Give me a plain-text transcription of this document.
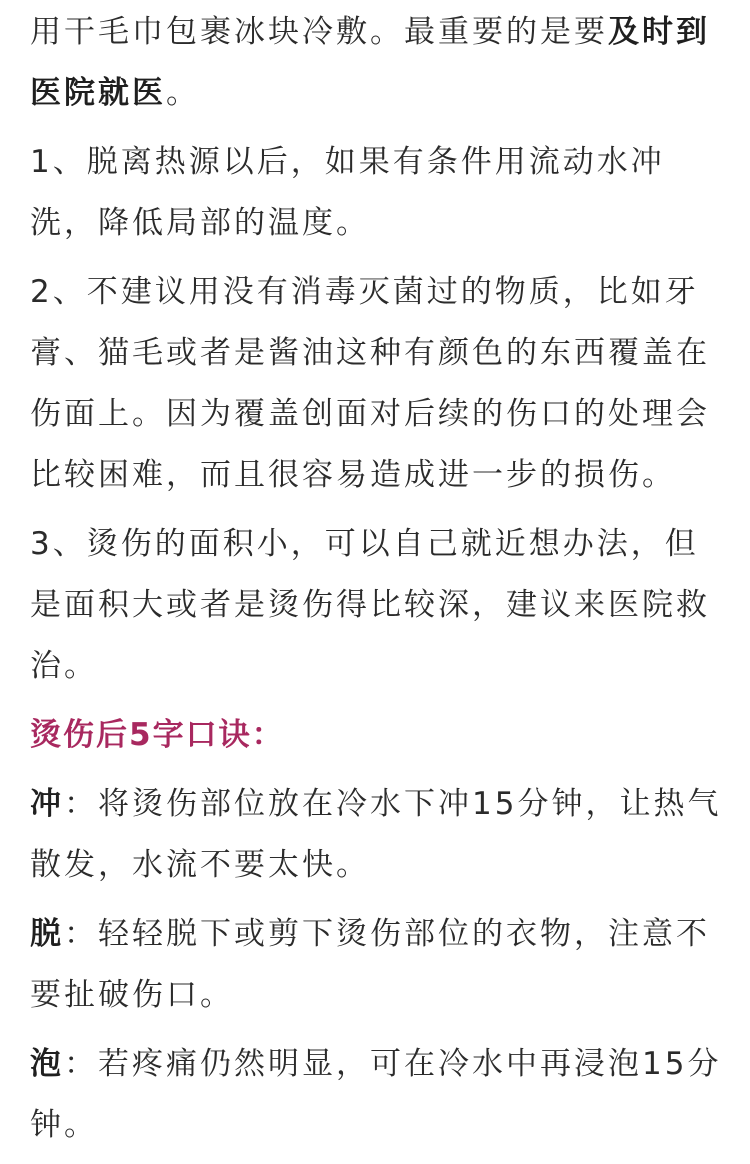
用干毛巾包裹冰块冷敷。最重要的是要及时到医院就医。

1、脱离热源以后，如果有条件用流动水冲洗，降低局部的温度。

2、不建议用没有消毒灭菌过的物质，比如牙膏、猫毛或者是酱油这种有颜色的东西覆盖在伤面上。因为覆盖创面对后续的伤口的处理会比较困难，而且很容易造成进一步的损伤。

3、烫伤的面积小，可以自己就近想办法，但是面积大或者是烫伤得比较深，建议来医院救治。

烫伤后5字口诀：

冲：将烫伤部位放在冷水下冲15分钟，让热气散发，水流不要太快。

脱：轻轻脱下或剪下烫伤部位的衣物，注意不要扯破伤口。

泡：若疼痛仍然明显，可在冷水中再浸泡15分钟。
